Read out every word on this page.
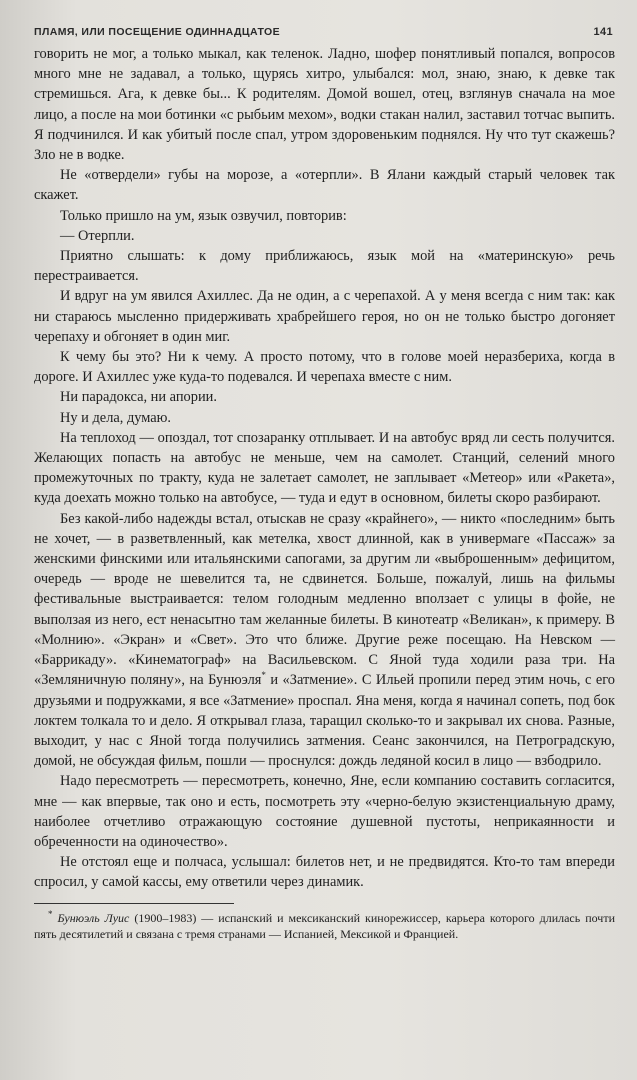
ПЛАМЯ, ИЛИ ПОСЕЩЕНИЕ ОДИННАДЦАТОЕ	141

говорить не мог, а только мыкал, как теленок. Ладно, шофер понятливый попался, вопросов много мне не задавал, а только, щурясь хитро, улыбался: мол, знаю, знаю, к девке так стремишься. Ага, к девке бы... К родителям. Домой вошел, отец, взглянув сначала на мое лицо, а после на мои ботинки «с рыбьим мехом», водки стакан налил, заставил тотчас выпить. Я подчинился. И как убитый после спал, утром здоровеньким поднялся. Ну что тут скажешь? Зло не в водке.

Не «отвердели» губы на морозе, а «отерпли». В Ялани каждый старый человек так скажет.

Только пришло на ум, язык озвучил, повторив:

— Отерпли.

Приятно слышать: к дому приближаюсь, язык мой на «материнскую» речь перестраивается.

И вдруг на ум явился Ахиллес. Да не один, а с черепахой. А у меня всегда с ним так: как ни стараюсь мысленно придерживать храбрейшего героя, но он не только быстро догоняет черепаху и обгоняет в один миг.

К чему бы это? Ни к чему. А просто потому, что в голове моей неразбериха, когда в дороге. И Ахиллес уже куда-то подевался. И черепаха вместе с ним.

Ни парадокса, ни апории.

Ну и дела, думаю.

На теплоход — опоздал, тот спозаранку отплывает. И на автобус вряд ли сесть получится. Желающих попасть на автобус не меньше, чем на самолет. Станций, селений много промежуточных по тракту, куда не залетает самолет, не заплывает «Метеор» или «Ракета», куда доехать можно только на автобусе, — туда и едут в основном, билеты скоро разбирают.

Без какой-либо надежды встал, отыскав не сразу «крайнего», — никто «последним» быть не хочет, — в разветвленный, как метелка, хвост длинной, как в универмаге «Пассаж» за женскими финскими или итальянскими сапогами, за другим ли «выброшенным» дефицитом, очередь — вроде не шевелится та, не сдвинется. Больше, пожалуй, лишь на фильмы фестивальные выстраивается: телом голодным медленно вползает с улицы в фойе, не выползая из него, ест ненасытно там желанные билеты. В кинотеатр «Великан», к примеру. В «Молнию». «Экран» и «Свет». Это что ближе. Другие реже посещаю. На Невском — «Баррикаду». «Кинематограф» на Васильевском. С Яной туда ходили раза три. На «Земляничную поляну», на Бунюэля* и «Затмение». С Ильей пропили перед этим ночь, с его друзьями и подружками, я все «Затмение» проспал. Яна меня, когда я начинал сопеть, под бок локтем толкала то и дело. Я открывал глаза, таращил сколько-то и закрывал их снова. Разные, выходит, у нас с Яной тогда получились затмения. Сеанс закончился, на Петроградскую, домой, не обсуждая фильм, пошли — проснулся: дождь ледяной косил в лицо — взбодрило.

Надо пересмотреть — пересмотреть, конечно, Яне, если компанию составить согласится, мне — как впервые, так оно и есть, посмотреть эту «черно-белую экзистенциальную драму, наиболее отчетливо отражающую состояние душевной пустоты, неприкаянности и обреченности на одиночество».

Не отстоял еще и полчаса, услышал: билетов нет, и не предвидятся. Кто-то там впереди спросил, у самой кассы, ему ответили через динамик.

* Бунюэль Луис (1900–1983) — испанский и мексиканский кинорежиссер, карьера которого длилась почти пять десятилетий и связана с тремя странами — Испанией, Мексикой и Францией.
